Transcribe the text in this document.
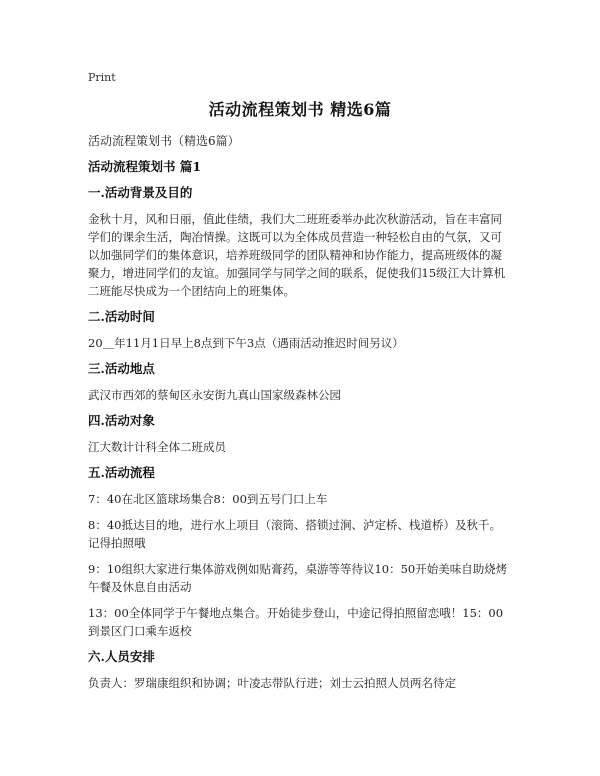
Print
活动流程策划书 精选6篇
活动流程策划书（精选6篇）
活动流程策划书 篇1
一.活动背景及目的
金秋十月，风和日丽，值此佳绩，我们大二班班委举办此次秋游活动，旨在丰富同学们的课余生活，陶冶情操。这既可以为全体成员营造一种轻松自由的气氛，又可以加强同学们的集体意识，培养班级同学的团队精神和协作能力，提高班级体的凝聚力，增进同学们的友谊。加强同学与同学之间的联系，促使我们15级江大计算机二班能尽快成为一个团结向上的班集体。
二.活动时间
20＿年11月1日早上8点到下午3点（遇雨活动推迟时间另议）
三.活动地点
武汉市西郊的蔡甸区永安街九真山国家级森林公园
四.活动对象
江大数计计科全体二班成员
五.活动流程
7：40在北区篮球场集合8：00到五号门口上车
8：40抵达目的地，进行水上项目（滚筒、搭锁过涧、泸定桥、栈道桥）及秋千。记得拍照哦
9：10组织大家进行集体游戏例如贴膏药，桌游等等待议10：50开始美味自助烧烤午餐及休息自由活动
13：00全体同学于午餐地点集合。开始徒步登山，中途记得拍照留恋哦！15：00到景区门口乘车返校
六.人员安排
负责人：罗瑞康组织和协调；叶凌志带队行进；刘士云拍照人员两名待定
